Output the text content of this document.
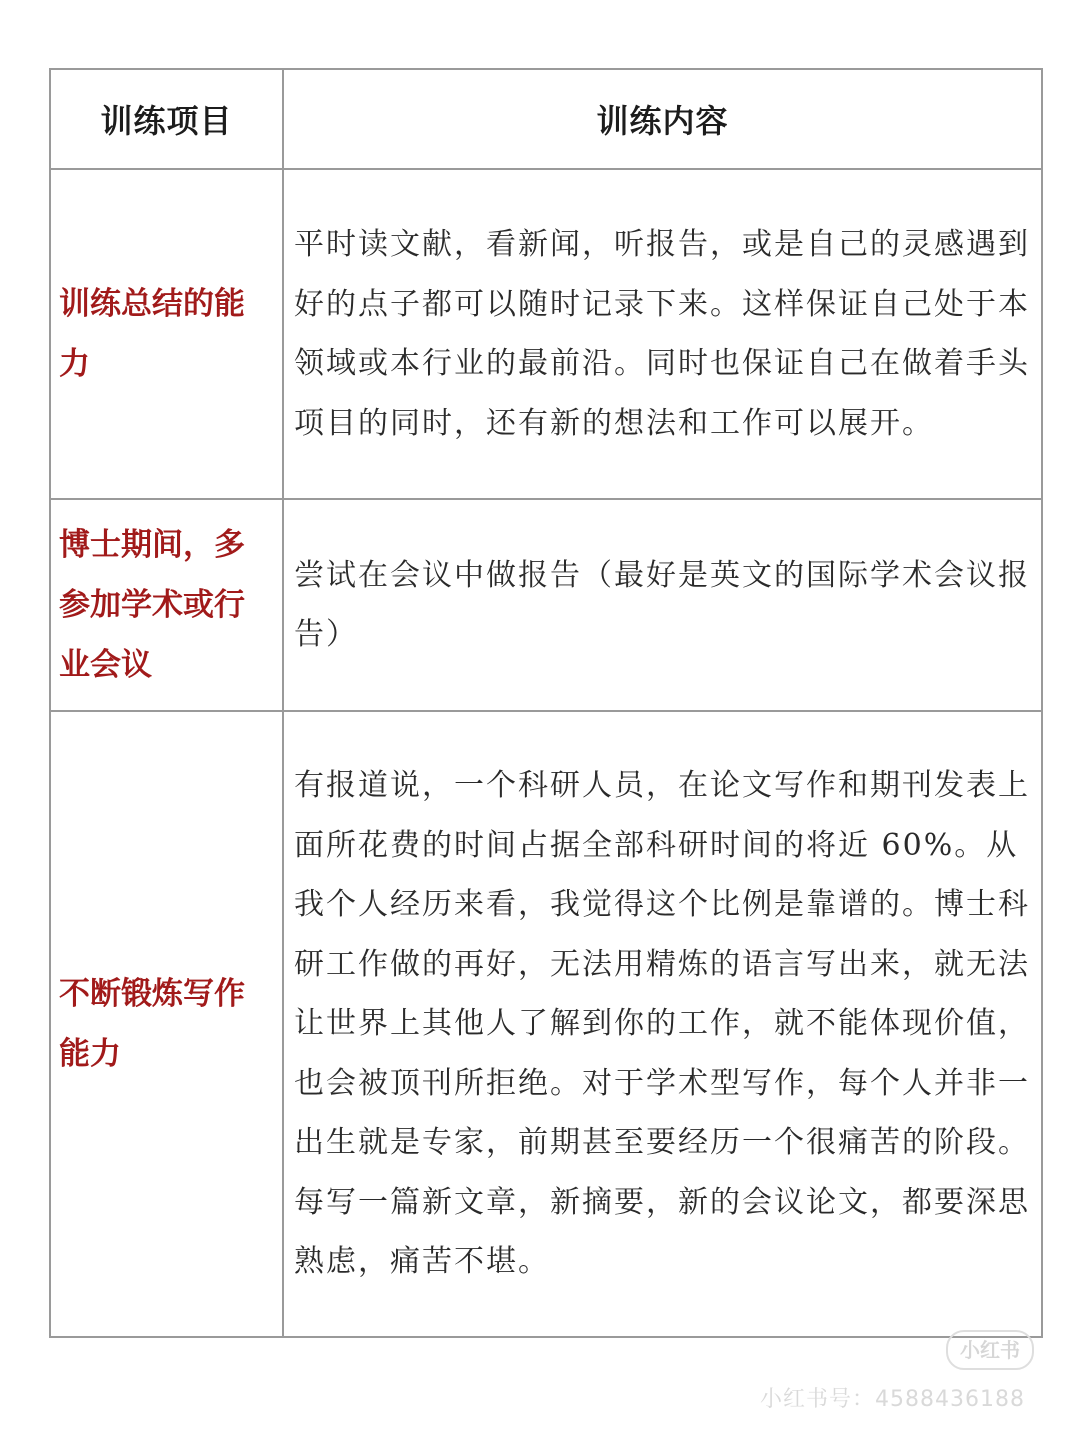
训练项目	训练内容
训练总结的能力	平时读文献，看新闻，听报告，或是自己的灵感遇到好的点子都可以随时记录下来。这样保证自己处于本领域或本行业的最前沿。同时也保证自己在做着手头项目的同时，还有新的想法和工作可以展开。
博士期间，多参加学术或行业会议	尝试在会议中做报告（最好是英文的国际学术会议报告）
不断锻炼写作能力	有报道说，一个科研人员，在论文写作和期刊发表上面所花费的时间占据全部科研时间的将近 60%。从我个人经历来看，我觉得这个比例是靠谱的。博士科研工作做的再好，无法用精炼的语言写出来，就无法让世界上其他人了解到你的工作，就不能体现价值，也会被顶刊所拒绝。对于学术型写作，每个人并非一出生就是专家，前期甚至要经历一个很痛苦的阶段。每写一篇新文章，新摘要，新的会议论文，都要深思熟虑，痛苦不堪。
小红书
小红书号：4588436188
